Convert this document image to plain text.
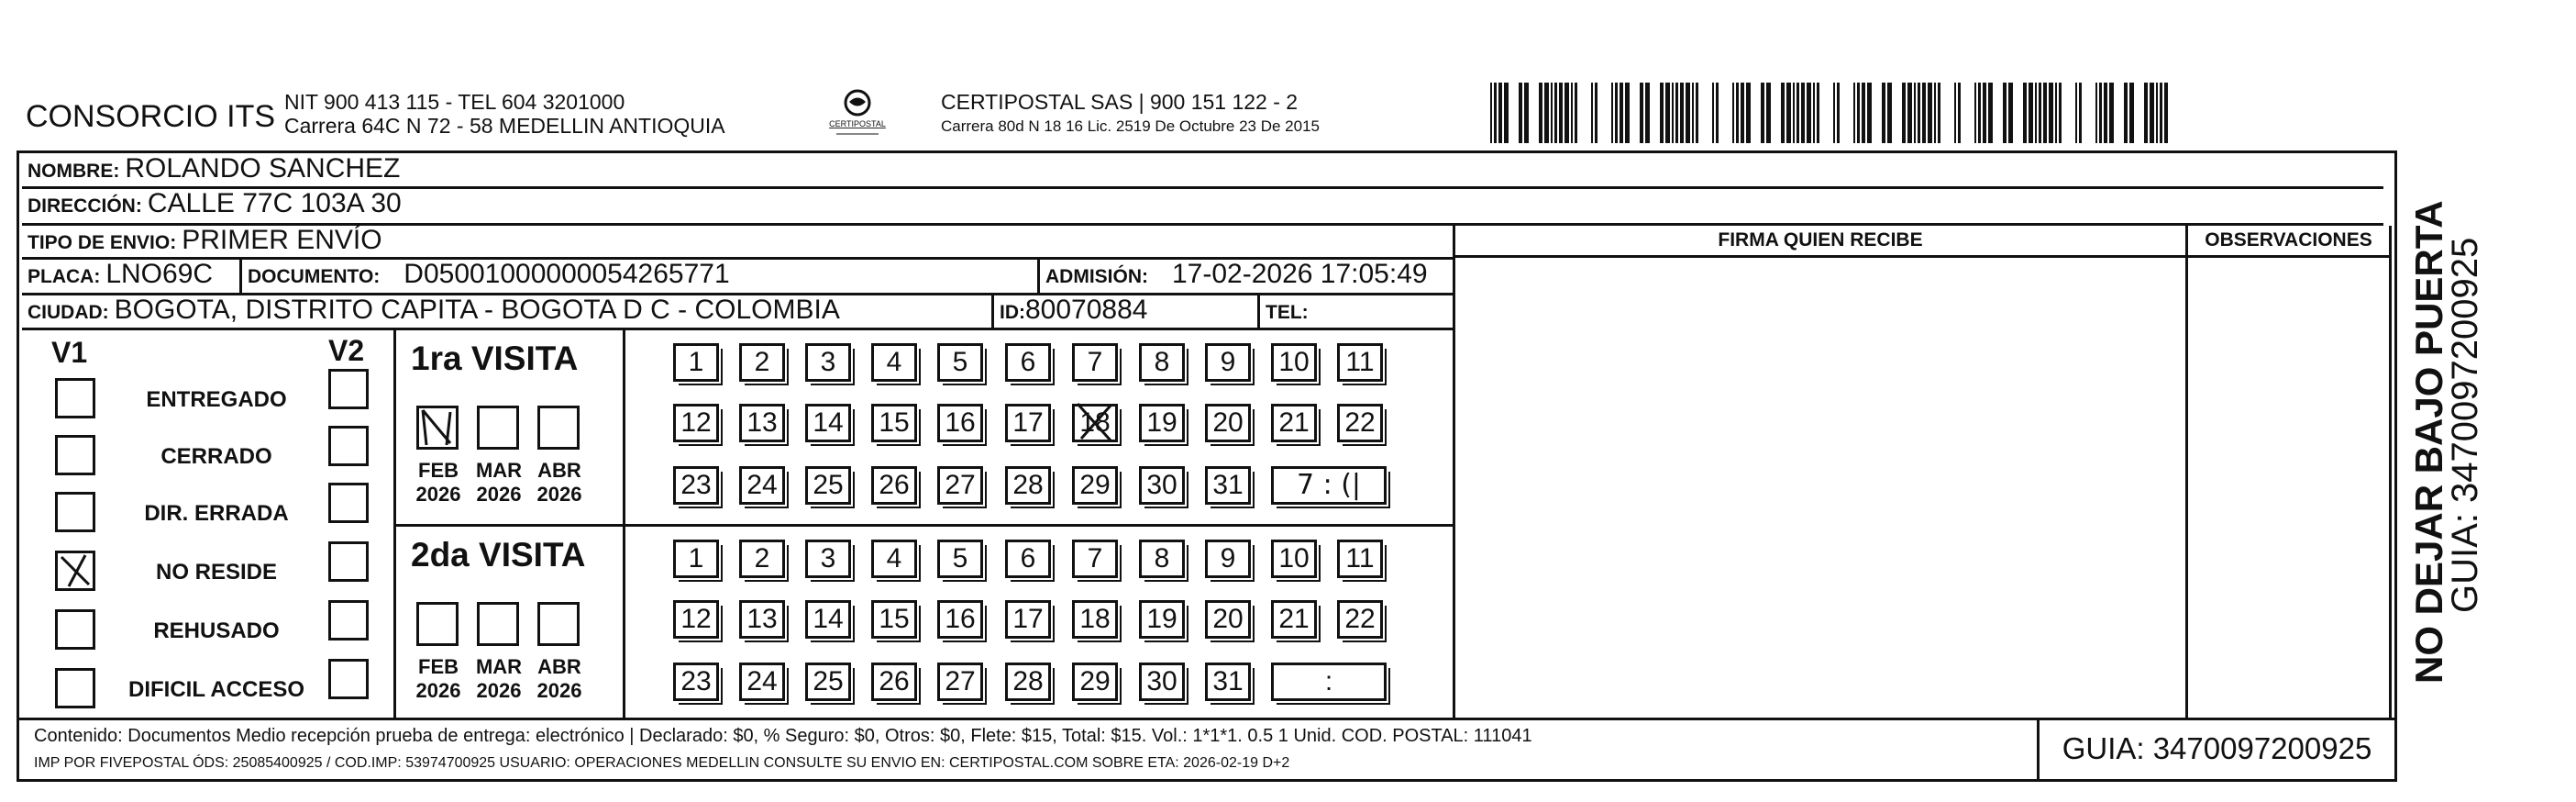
CONSORCIO ITS NIT 900 413 115 - TEL 604 3201000
Carrera 64C N 72 - 58 MEDELLIN ANTIOQUIA	CERTIPOSTAL
CERTIPOSTAL SAS | 900 151 122 - 2
Carrera 80d N 18 16 Lic. 2519 De Octubre 23 De 2015
NOMBRE: ROLANDO SANCHEZ
DIRECCIÓN: CALLE 77C 103A 30
TIPO DE ENVIO: PRIMER ENVÍO
PLACA: LNO69C	DOCUMENTO: D05001000000054265771	ADMISIÓN: 17-02-2026 17:05:49
CIUDAD: BOGOTA, DISTRITO CAPITA - BOGOTA D C - COLOMBIA	ID:80070884	TEL:
FIRMA QUIEN RECIBE	OBSERVACIONES
V1	V2
ENTREGADO
CERRADO
DIR. ERRADA
NO RESIDE
REHUSADO
DIFICIL ACCESO
1ra VISITA
FEB
2026
MAR
2026
ABR
2026
2da VISITA
FEB
2026
MAR
2026
ABR
2026
1	2	3	4	5	6	7	8	9	10	11
12 13 14 15 16 17 18 19 20 21 22
23 24 25 26 27 28 29 30 31	7 : (|
1	2	3	4	5	6	7	8	9	10	11
12 13 14 15 16 17 18 19 20 21 22
23 24 25 26 27 28 29 30 31	:
Contenido: Documentos Medio recepción prueba de entrega: electrónico | Declarado: $0, % Seguro: $0, Otros: $0, Flete: $15, Total: $15. Vol.: 1*1*1. 0.5 1 Unid. COD. POSTAL: 111041
IMP POR FIVEPOSTAL ÓDS: 25085400925 / COD.IMP: 53974700925 USUARIO: OPERACIONES MEDELLIN CONSULTE SU ENVIO EN: CERTIPOSTAL.COM SOBRE ETA: 2026-02-19 D+2	GUIA: 3470097200925
NO DEJAR BAJO PUERTA
GUIA: 3470097200925
